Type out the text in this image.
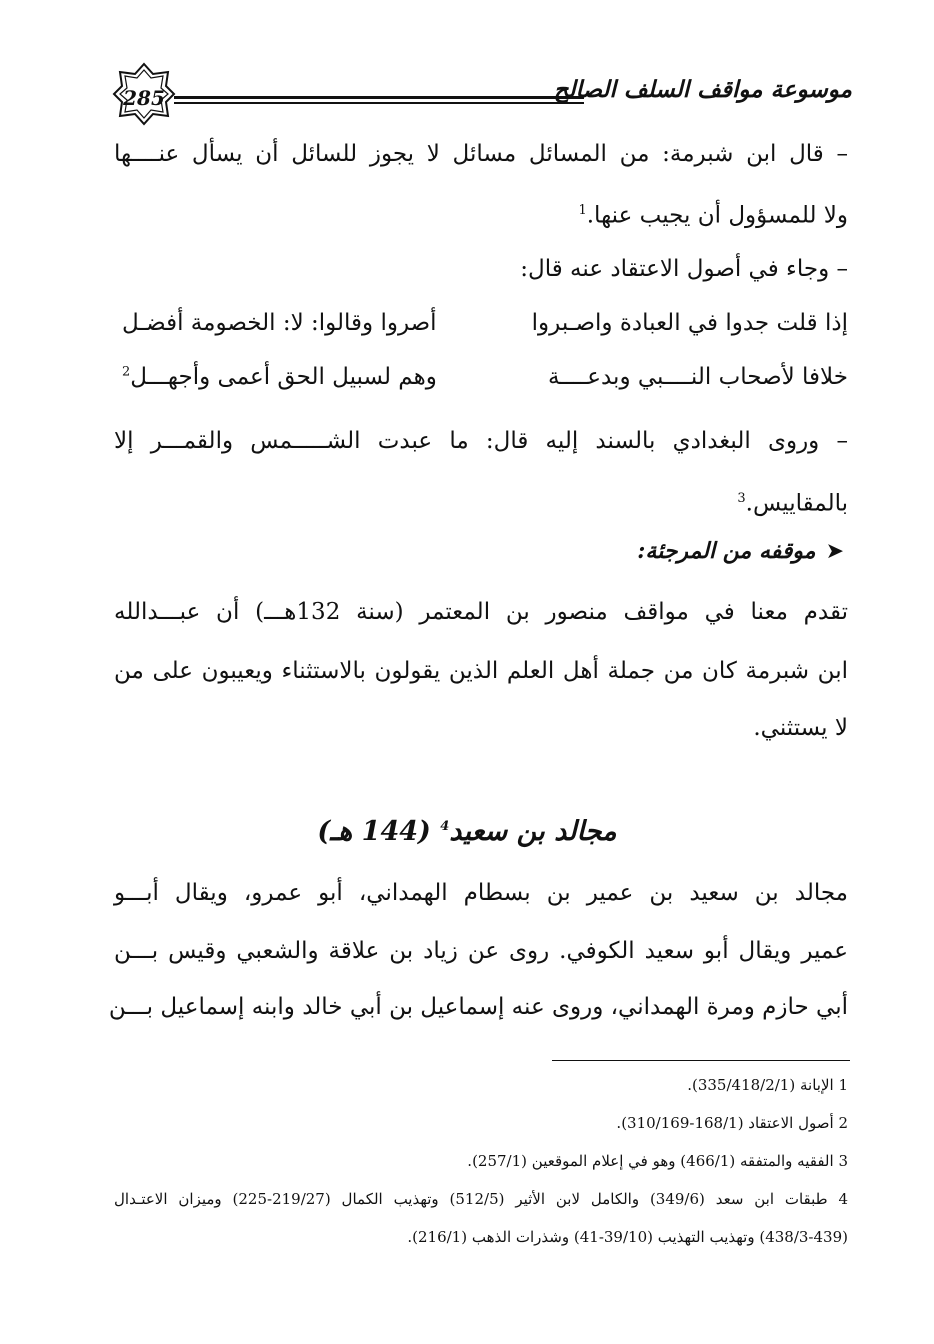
285	موسوعة مواقف السلف الصالح
– قال ابن شبرمة: من المسائل مسائل لا يجوز للسائل أن يسأل عنــــها
ولا للمسؤول أن يجيب عنها.$^1$
– وجاء في أصول الاعتقاد عنه قال:
إذا قلت جدوا في العبادة واصـبروا
أصروا وقالوا: لا: الخصومة أفضـل
خلافا لأصحاب النــــبي وبدعــــة
وهم لسبيل الحق أعمى وأجهـــل$^2$
– وروى البغدادي بالسند إليه قال: ما عبدت الشـــــمس والقمـــر إلا
بالمقاييس.$^3$
➤موقفه من المرجئة:
تقدم معنا في مواقف منصور بن المعتمر (سنة 132هـــ) أن عبـــدالله
ابن شبرمة كان من جملة أهل العلم الذين يقولون بالاستثناء ويعيبون على من
لا يستثني.
مجالد بن سعيد$^4$ (144 هـ)
مجالد بن سعيد بن عمير بن بسطام الهمداني، أبو عمرو، ويقال أبـــو
عمير ويقال أبو سعيد الكوفي. روى عن زياد بن علاقة والشعبي وقيس بـــن
أبي حازم ومرة الهمداني، وروى عنه إسماعيل بن أبي خالد وابنه إسماعيل بـــن
1 الإبانة (335/418/2/1).
2 أصول الاعتقاد (168/1-310/169).
3 الفقيه والمتفقه (466/1) وهو في إعلام الموقعين (257/1).
4 طبقات ابن سعد (349/6) والكامل لابن الأثير (512/5) وتهذيب الكمال (219/27-225) وميزان الاعتـدال
(438/3-439) وتهذيب التهذيب (39/10-41) وشذرات الذهب (216/1).
